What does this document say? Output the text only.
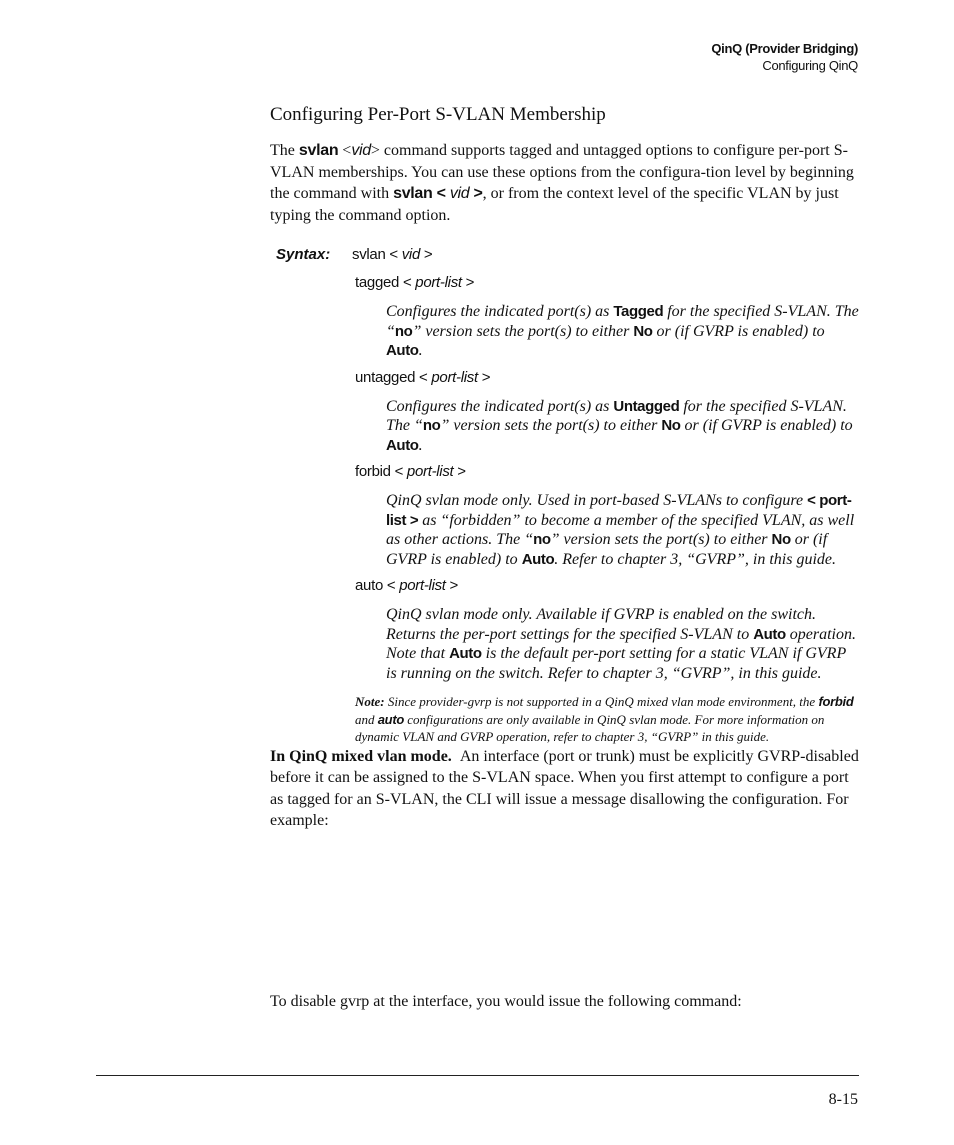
QinQ (Provider Bridging)
Configuring QinQ
Configuring Per-Port S-VLAN Membership

The svlan <vid> command supports tagged and untagged options to configure per-port S-VLAN memberships. You can use these options from the configura-tion level by beginning the command with svlan < vid >, or from the context level of the specific VLAN by just typing the command option.

Syntax: svlan < vid >
tagged < port-list >
Configures the indicated port(s) as Tagged for the specified S-VLAN. The “no” version sets the port(s) to either No or (if GVRP is enabled) to Auto.
untagged < port-list >
Configures the indicated port(s) as Untagged for the specified S-VLAN. The “no” version sets the port(s) to either No or (if GVRP is enabled) to Auto.
forbid < port-list >
QinQ svlan mode only. Used in port-based S-VLANs to configure < port-list > as “forbidden” to become a member of the specified VLAN, as well as other actions. The “no” version sets the port(s) to either No or (if GVRP is enabled) to Auto. Refer to chapter 3, “GVRP”, in this guide.
auto < port-list >
QinQ svlan mode only. Available if GVRP is enabled on the switch. Returns the per-port settings for the specified S-VLAN to Auto operation. Note that Auto is the default per-port setting for a static VLAN if GVRP is running on the switch. Refer to chapter 3, “GVRP”, in this guide.
Note: Since provider-gvrp is not supported in a QinQ mixed vlan mode environment, the forbid and auto configurations are only available in QinQ svlan mode. For more information on dynamic VLAN and GVRP operation, refer to chapter 3, “GVRP” in this guide.

In QinQ mixed vlan mode. An interface (port or trunk) must be explicitly GVRP-disabled before it can be assigned to the S-VLAN space. When you first attempt to configure a port as tagged for an S-VLAN, the CLI will issue a message disallowing the configuration. For example:

To disable gvrp at the interface, you would issue the following command:
8-15
